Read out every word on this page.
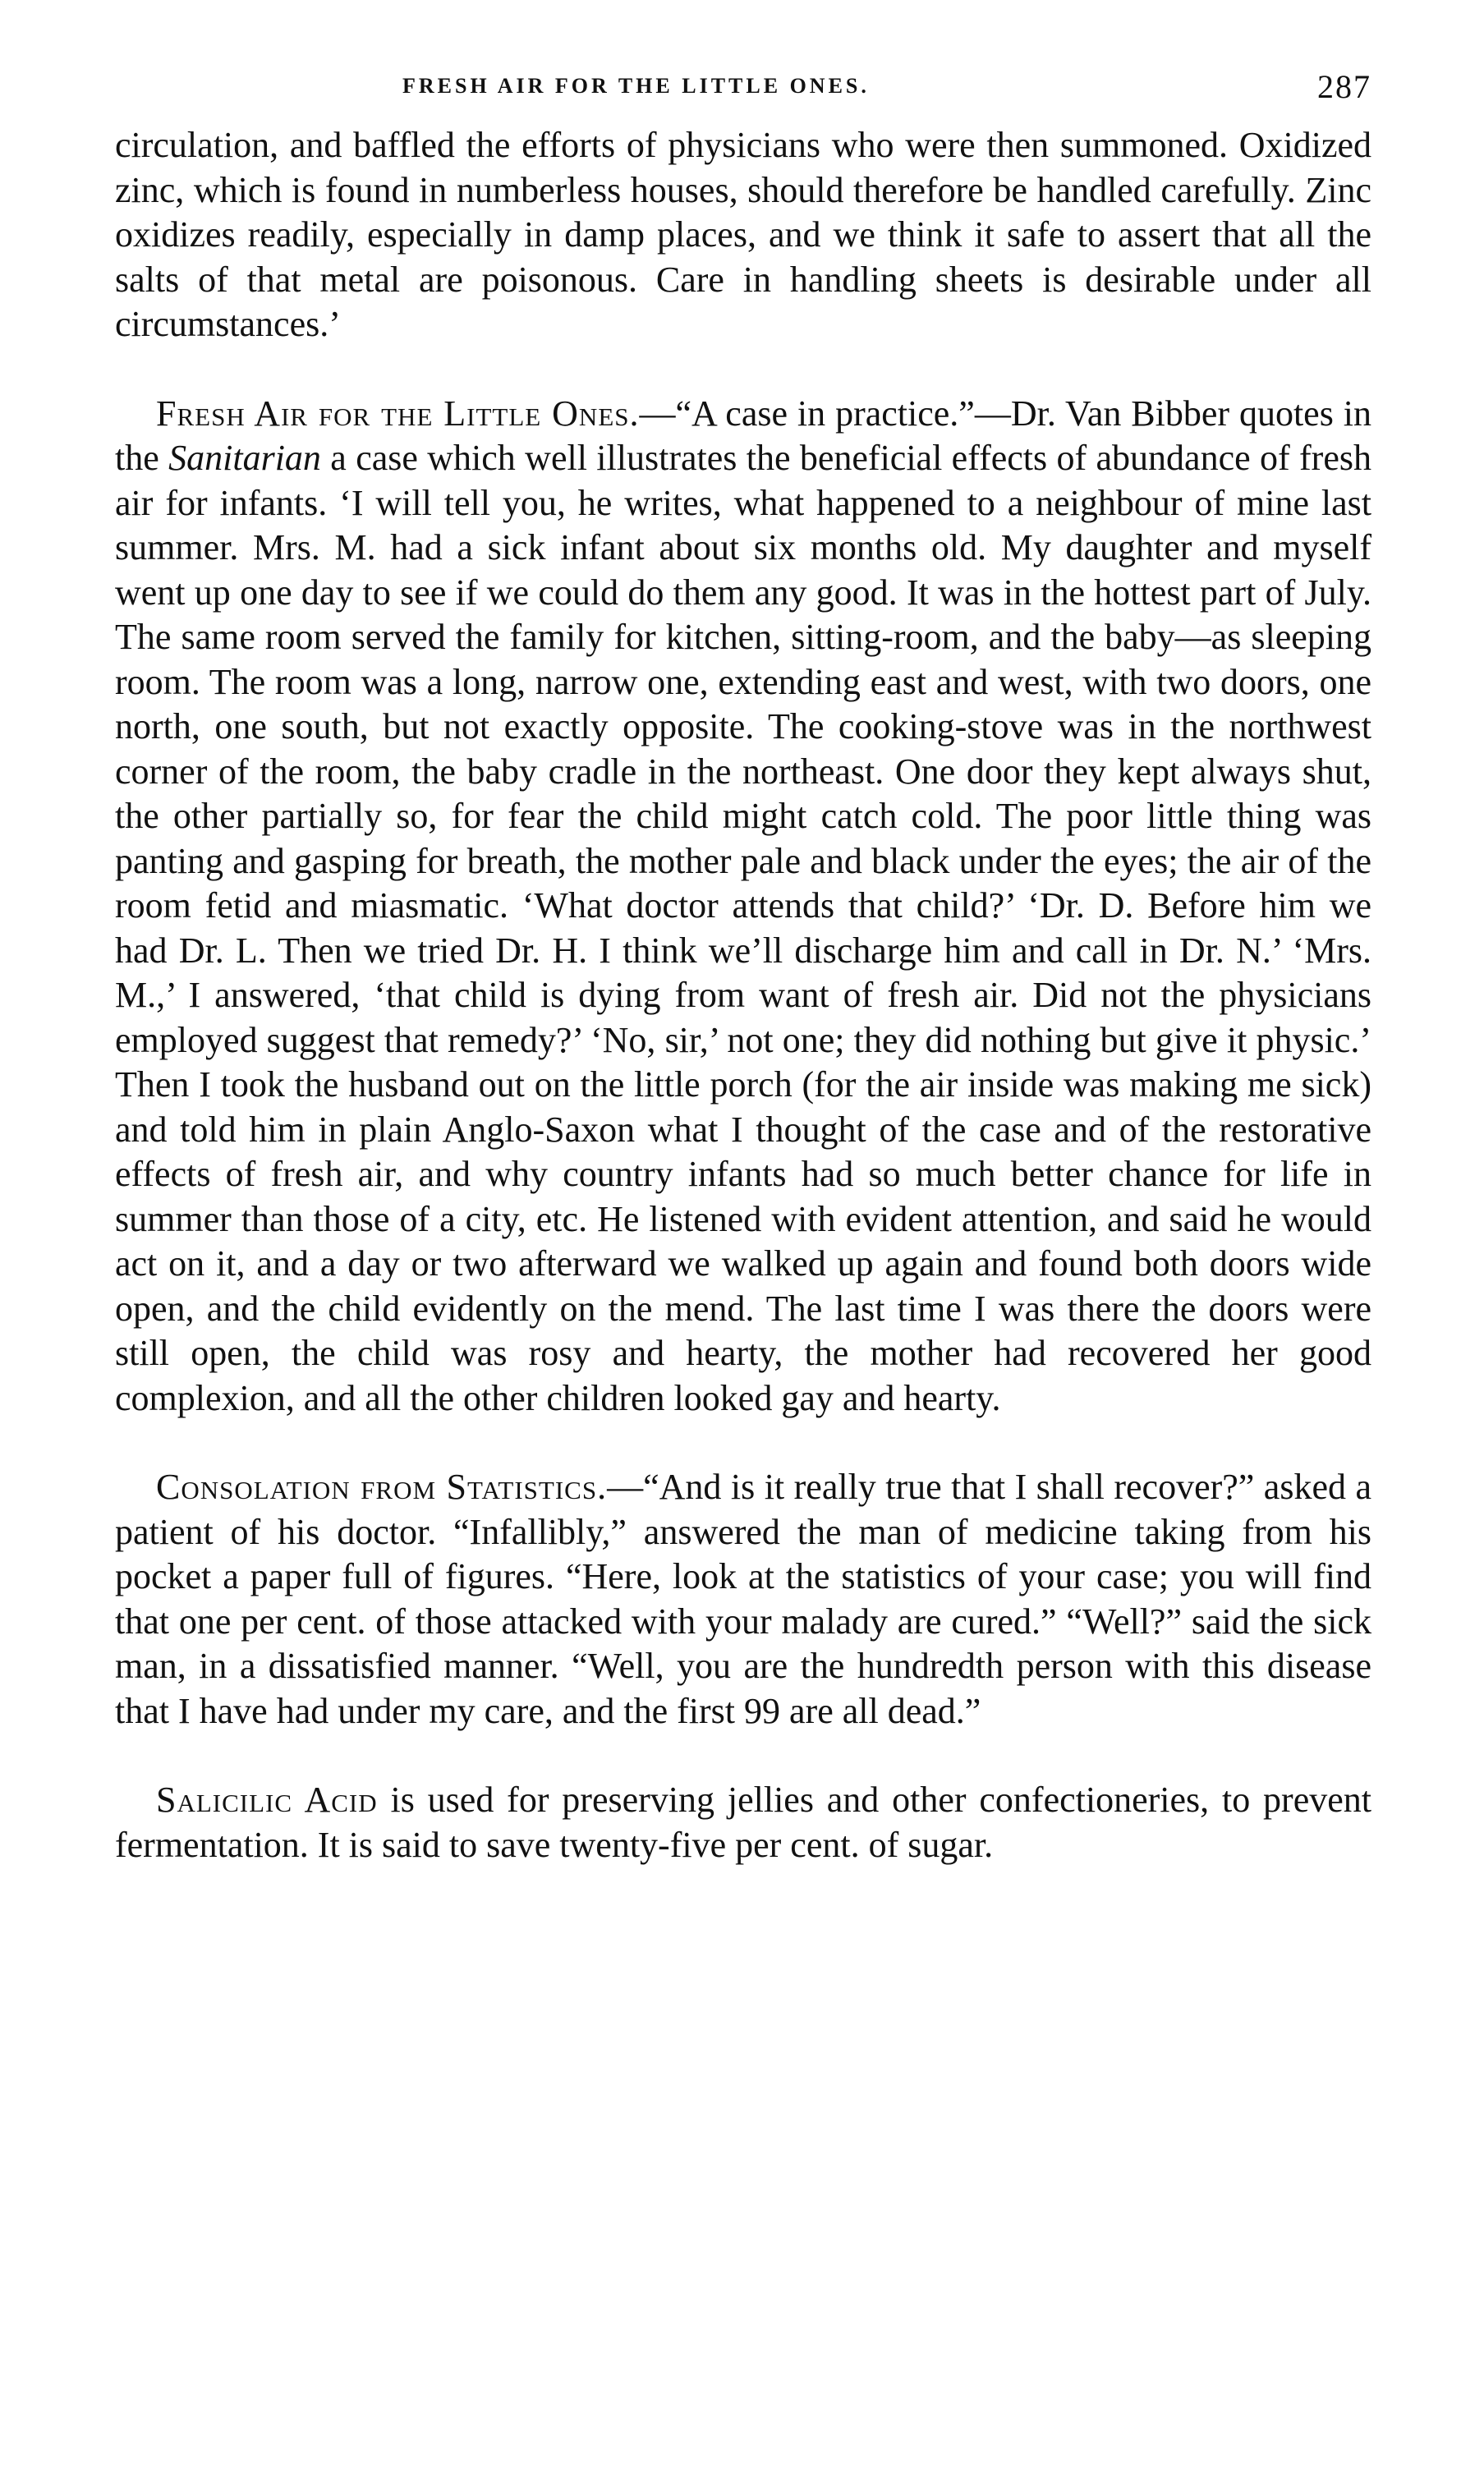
FRESH AIR FOR THE LITTLE ONES.	287

circulation, and baffled the efforts of physicians who were then summoned. Oxidized zinc, which is found in numberless houses, should therefore be handled carefully. Zinc oxidizes readily, especially in damp places, and we think it safe to assert that all the salts of that metal are poisonous. Care in handling sheets is desirable under all circumstances.’

Fresh Air for the Little Ones.—“A case in practice.”—Dr. Van Bibber quotes in the Sanitarian a case which well illustrates the beneficial effects of abundance of fresh air for infants. ‘I will tell you, he writes, what happened to a neighbour of mine last summer. Mrs. M. had a sick infant about six months old. My daughter and myself went up one day to see if we could do them any good. It was in the hottest part of July. The same room served the family for kitchen, sitting-room, and the baby—as sleeping room. The room was a long, narrow one, extending east and west, with two doors, one north, one south, but not exactly opposite. The cooking-stove was in the northwest corner of the room, the baby cradle in the northeast. One door they kept always shut, the other partially so, for fear the child might catch cold. The poor little thing was panting and gasping for breath, the mother pale and black under the eyes; the air of the room fetid and miasmatic. ‘What doctor attends that child?’ ‘Dr. D. Before him we had Dr. L. Then we tried Dr. H. I think we’ll discharge him and call in Dr. N.’ ‘Mrs. M.,’ I answered, ‘that child is dying from want of fresh air. Did not the physicians employed suggest that remedy?’ ‘No, sir,’ not one; they did nothing but give it physic.’ Then I took the husband out on the little porch (for the air inside was making me sick) and told him in plain Anglo-Saxon what I thought of the case and of the restorative effects of fresh air, and why country infants had so much better chance for life in summer than those of a city, etc. He listened with evident attention, and said he would act on it, and a day or two afterward we walked up again and found both doors wide open, and the child evidently on the mend. The last time I was there the doors were still open, the child was rosy and hearty, the mother had recovered her good complexion, and all the other children looked gay and hearty.

Consolation from Statistics.—“And is it really true that I shall recover?” asked a patient of his doctor. “Infallibly,” answered the man of medicine taking from his pocket a paper full of figures. “Here, look at the statistics of your case; you will find that one per cent. of those attacked with your malady are cured.” “Well?” said the sick man, in a dissatisfied manner. “Well, you are the hundredth person with this disease that I have had under my care, and the first 99 are all dead.”

Salicilic Acid is used for preserving jellies and other confectioneries, to prevent fermentation. It is said to save twenty-five per cent. of sugar.
